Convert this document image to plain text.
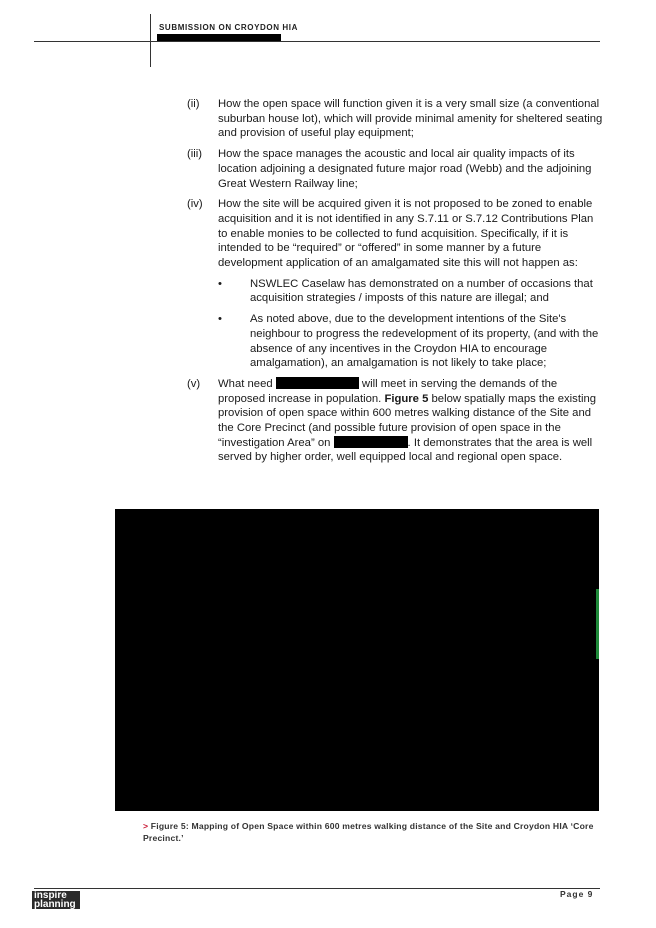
SUBMISSION ON CROYDON HIA
(ii) How the open space will function given it is a very small size (a conventional suburban house lot), which will provide minimal amenity for sheltered seating and provision of useful play equipment;
(iii) How the space manages the acoustic and local air quality impacts of its location adjoining a designated future major road (Webb) and the adjoining Great Western Railway line;
(iv) How the site will be acquired given it is not proposed to be zoned to enable acquisition and it is not identified in any S.7.11 or S.7.12 Contributions Plan to enable monies to be collected to fund acquisition. Specifically, if it is intended to be “required” or “offered” in some manner by a future development application of an amalgamated site this will not happen as:
• NSWLEC Caselaw has demonstrated on a number of occasions that acquisition strategies / imposts of this nature are illegal; and
• As noted above, due to the development intentions of the Site's neighbour to progress the redevelopment of its property, (and with the absence of any incentives in the Croydon HIA to encourage amalgamation), an amalgamation is not likely to take place;
(v) What need	will meet in serving the demands of the proposed increase in population. Figure 5 below spatially maps the existing provision of open space within 600 metres walking distance of the Site and the Core Precinct (and possible future provision of open space in the “investigation Area” on	. It demonstrates that the area is well served by higher order, well equipped local and regional open space.
> Figure 5: Mapping of Open Space within 600 metres walking distance of the Site and Croydon HIA ‘Core Precinct.’
inspire
planning
Page 9
